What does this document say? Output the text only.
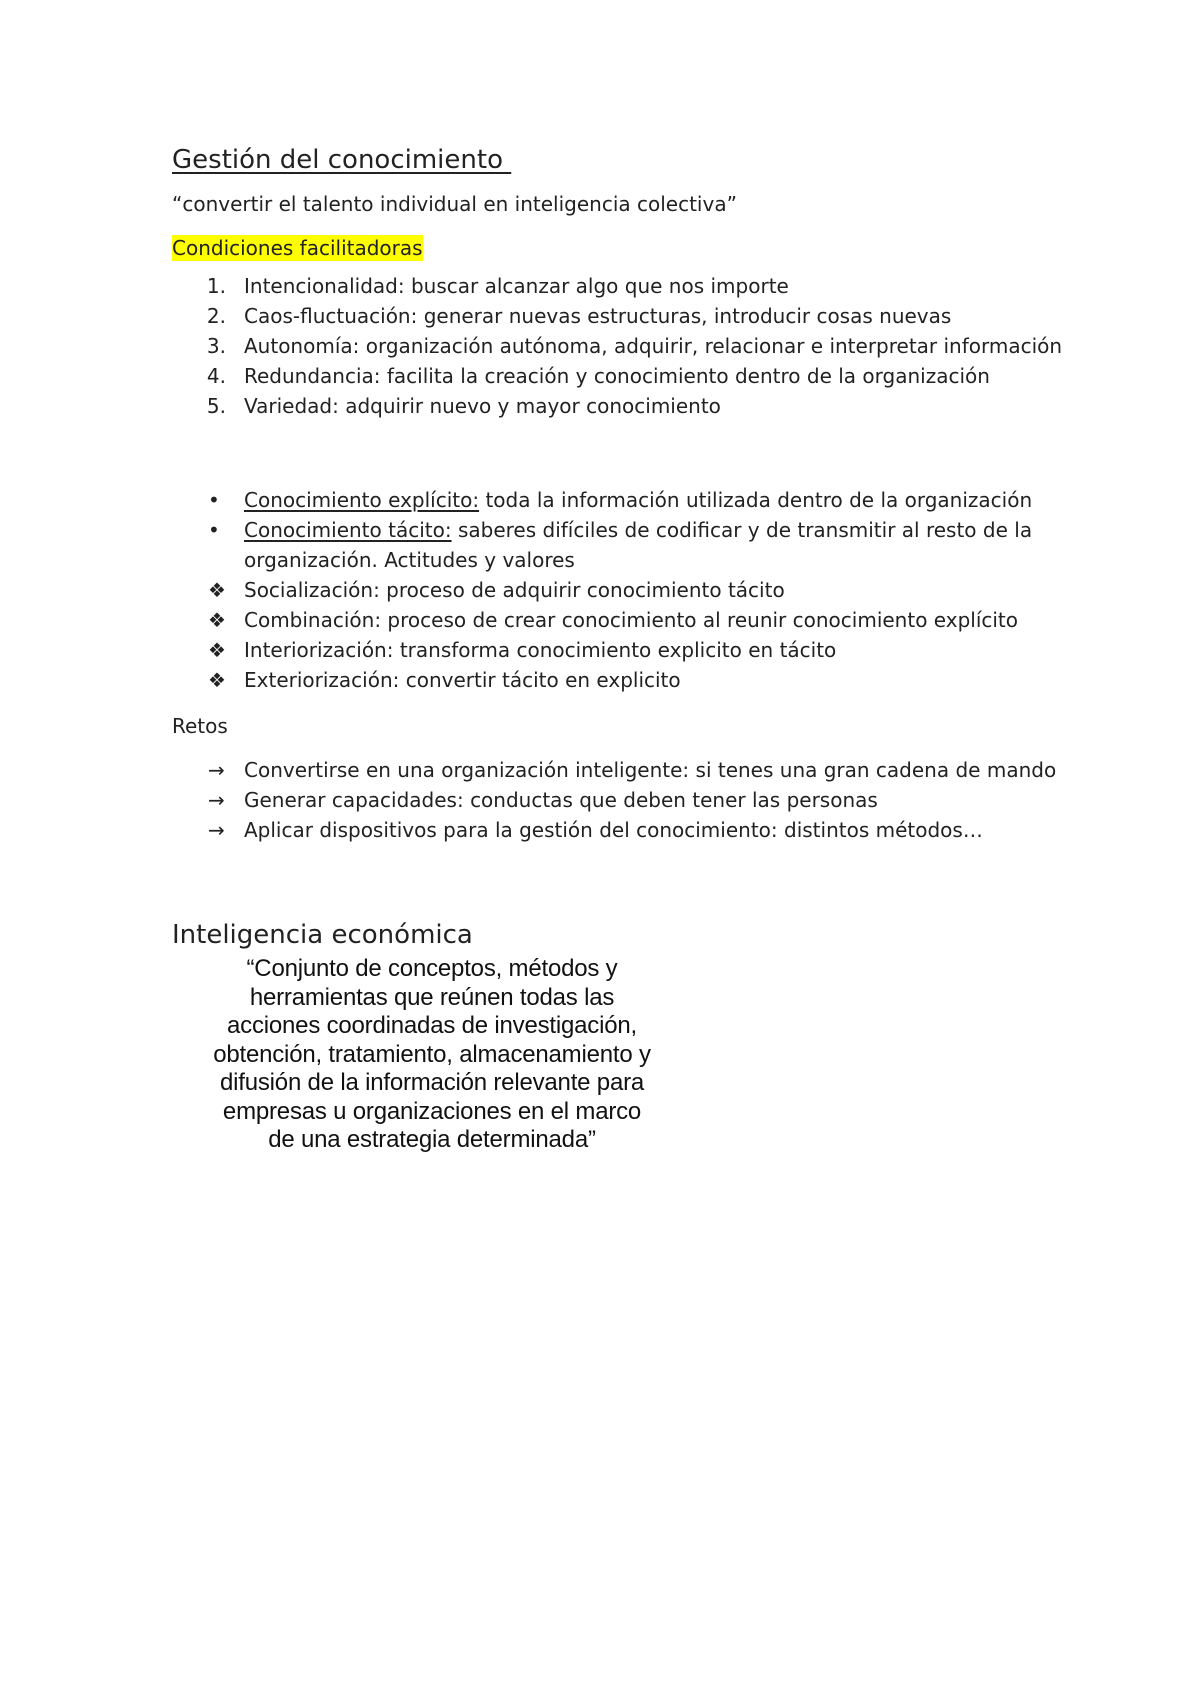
Gestión del conocimiento

“convertir el talento individual en inteligencia colectiva”

Condiciones facilitadoras
1. Intencionalidad: buscar alcanzar algo que nos importe
2. Caos-fluctuación: generar nuevas estructuras, introducir cosas nuevas
3. Autonomía: organización autónoma, adquirir, relacionar e interpretar información
4. Redundancia: facilita la creación y conocimiento dentro de la organización
5. Variedad: adquirir nuevo y mayor conocimiento
•	Conocimiento explícito: toda la información utilizada dentro de la organización
•	Conocimiento tácito: saberes difíciles de codificar y de transmitir al resto de la organización. Actitudes y valores
❖ Socialización: proceso de adquirir conocimiento tácito
❖ Combinación: proceso de crear conocimiento al reunir conocimiento explícito
❖ Interiorización: transforma conocimiento explicito en tácito
❖ Exteriorización: convertir tácito en explicito
Retos
→ Convertirse en una organización inteligente: si tenes una gran cadena de mando
→ Generar capacidades: conductas que deben tener las personas
→ Aplicar dispositivos para la gestión del conocimiento: distintos métodos…
Inteligencia económica
“Conjunto de conceptos, métodos y
herramientas que reúnen todas las
acciones coordinadas de investigación,
obtención, tratamiento, almacenamiento y
difusión de la información relevante para
empresas u organizaciones en el marco
de una estrategia determinada”
